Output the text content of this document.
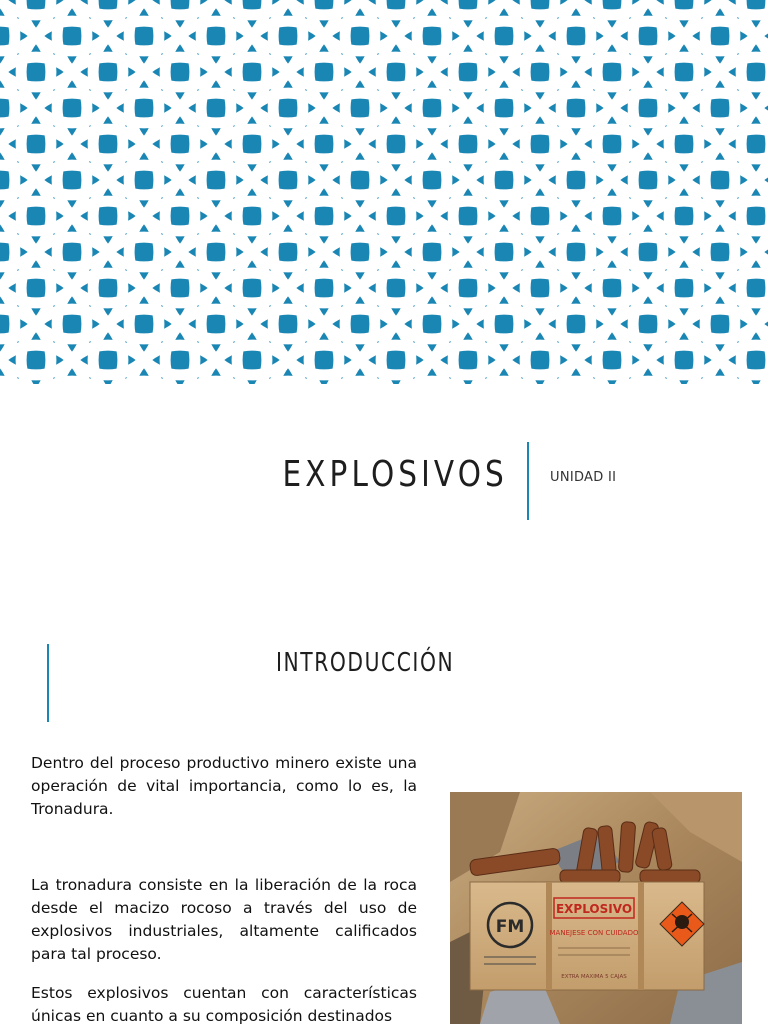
EXPLOSIVOS	UNIDAD II
INTRODUCCIÓN

Dentro del proceso productivo minero existe una operación de vital importancia, como lo es, la Tronadura.

La tronadura consiste en la liberación de la roca desde el macizo rocoso a través del uso de explosivos industriales, altamente calificados para tal proceso.

Estos explosivos cuentan con características únicas en cuanto a su composición destinados

FM
EXPLOSIVO
MANEJESE CON CUIDADO
EXTRA MAXIMA 5 CAJAS
